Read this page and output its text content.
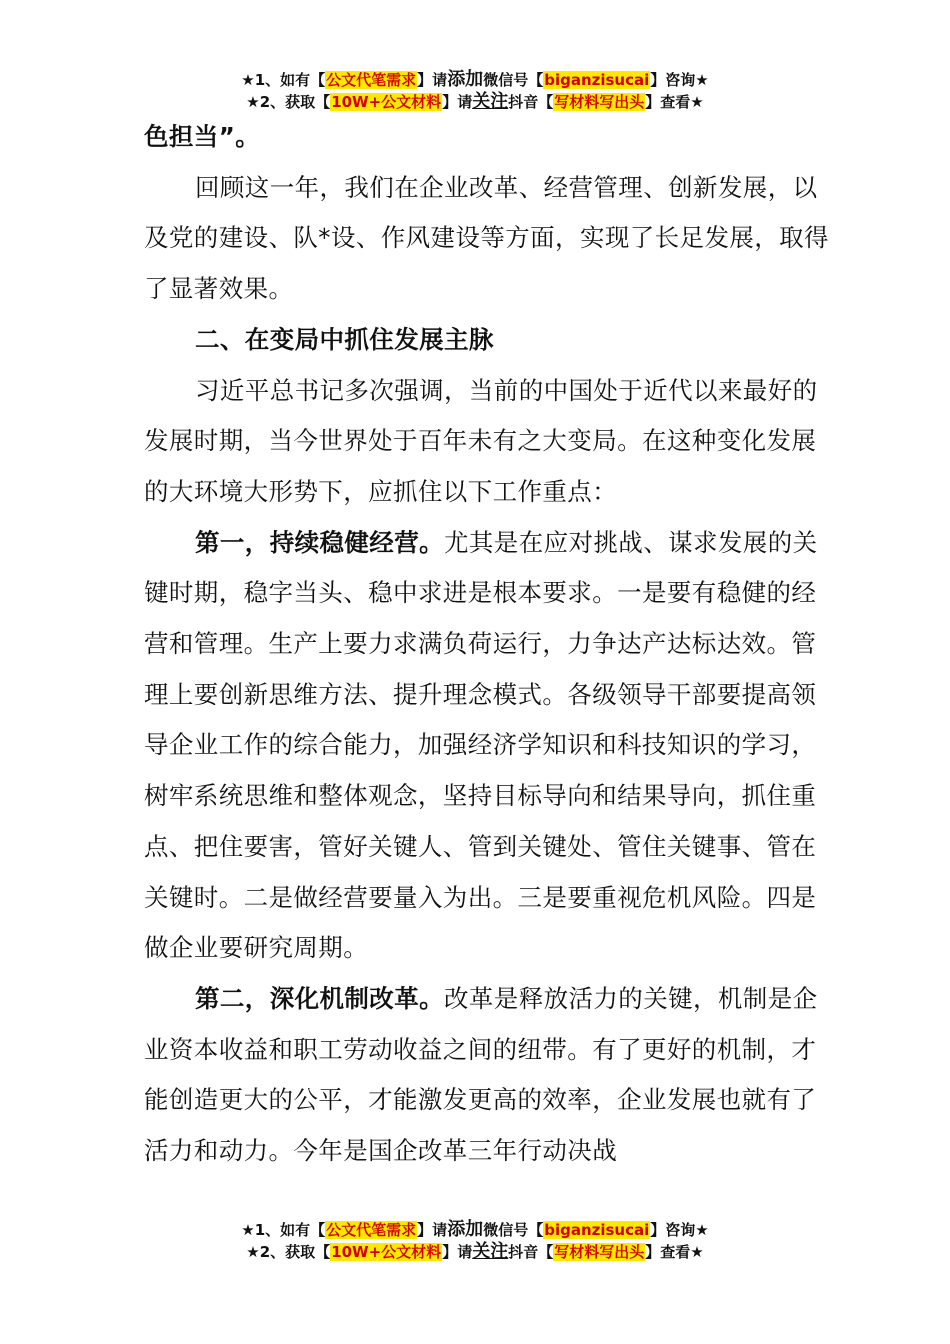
★1、如有【公文代笔需求】请添加微信号【biganzisucai】咨询★
★2、获取【10W+公文材料】请关注抖音【写材料写出头】查看★

色担当”。

回顾这一年，我们在企业改革、经营管理、创新发展，以及党的建设、队*设、作风建设等方面，实现了长足发展，取得了显著效果。

二、在变局中抓住发展主脉

习近平总书记多次强调，当前的中国处于近代以来最好的发展时期，当今世界处于百年未有之大变局。在这种变化发展的大环境大形势下，应抓住以下工作重点：

第一，持续稳健经营。尤其是在应对挑战、谋求发展的关键时期，稳字当头、稳中求进是根本要求。一是要有稳健的经营和管理。生产上要力求满负荷运行，力争达产达标达效。管理上要创新思维方法、提升理念模式。各级领导干部要提高领导企业工作的综合能力，加强经济学知识和科技知识的学习，树牢系统思维和整体观念，坚持目标导向和结果导向，抓住重点、把住要害，管好关键人、管到关键处、管住关键事、管在关键时。二是做经营要量入为出。三是要重视危机风险。四是做企业要研究周期。

第二，深化机制改革。改革是释放活力的关键，机制是企业资本收益和职工劳动收益之间的纽带。有了更好的机制，才能创造更大的公平，才能激发更高的效率，企业发展也就有了活力和动力。今年是国企改革三年行动决战

★1、如有【公文代笔需求】请添加微信号【biganzisucai】咨询★
★2、获取【10W+公文材料】请关注抖音【写材料写出头】查看★
